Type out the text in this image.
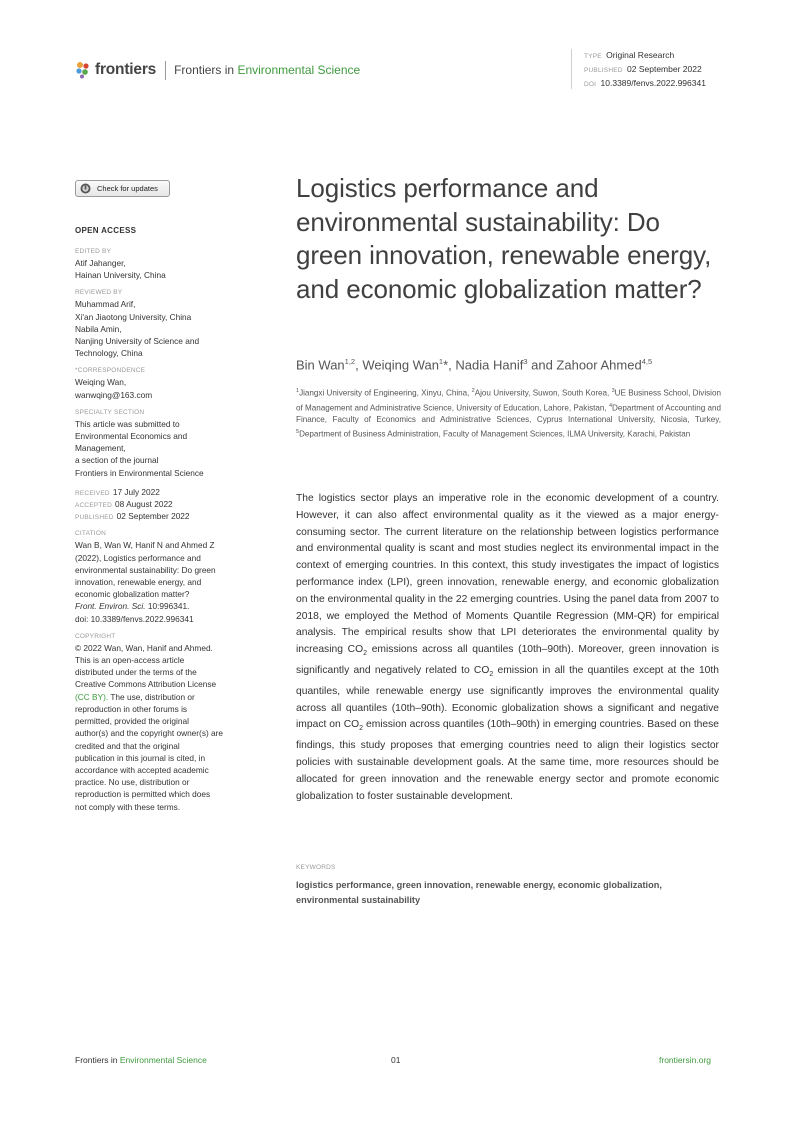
frontiers Frontiers in Environmental Science
TYPE Original Research
PUBLISHED 02 September 2022
DOI 10.3389/fenvs.2022.996341
Check for updates
OPEN ACCESS
EDITED BY
Atif Jahanger,
Hainan University, China
REVIEWED BY
Muhammad Arif,
Xi'an Jiaotong University, China
Nabila Amin,
Nanjing University of Science and
Technology, China
*CORRESPONDENCE
Weiqing Wan,
wanwqing@163.com
SPECIALTY SECTION
This article was submitted to
Environmental Economics and
Management,
a section of the journal
Frontiers in Environmental Science
RECEIVED 17 July 2022
ACCEPTED 08 August 2022
PUBLISHED 02 September 2022
CITATION
Wan B, Wan W, Hanif N and Ahmed Z
(2022), Logistics performance and
environmental sustainability: Do green
innovation, renewable energy, and
economic globalization matter?
Front. Environ. Sci. 10:996341.
doi: 10.3389/fenvs.2022.996341
COPYRIGHT
© 2022 Wan, Wan, Hanif and Ahmed.
This is an open-access article
distributed under the terms of the
Creative Commons Attribution License
(CC BY). The use, distribution or
reproduction in other forums is
permitted, provided the original
author(s) and the copyright owner(s) are
credited and that the original
publication in this journal is cited, in
accordance with accepted academic
practice. No use, distribution or
reproduction is permitted which does
not comply with these terms.
Logistics performance and environmental sustainability: Do green innovation, renewable energy, and economic globalization matter?
Bin Wan$^{1,2}$, Weiqing Wan$^1$*, Nadia Hanif$^3$ and Zahoor Ahmed$^{4,5}$
$^1$Jiangxi University of Engineering, Xinyu, China, $^2$Ajou University, Suwon, South Korea, $^3$UE Business School, Division of Management and Administrative Science, University of Education, Lahore, Pakistan, $^4$Department of Accounting and Finance, Faculty of Economics and Administrative Sciences, Cyprus International University, Nicosia, Turkey, $^5$Department of Business Administration, Faculty of Management Sciences, ILMA University, Karachi, Pakistan
The logistics sector plays an imperative role in the economic development of a country. However, it can also affect environmental quality as it the viewed as a major energy-consuming sector. The current literature on the relationship between logistics performance and environmental quality is scant and most studies neglect its environmental impact in the context of emerging countries. In this context, this study investigates the impact of logistics performance index (LPI), green innovation, renewable energy, and economic globalization on the environmental quality in the 22 emerging countries. Using the panel data from 2007 to 2018, we employed the Method of Moments Quantile Regression (MM-QR) for empirical analysis. The empirical results show that LPI deteriorates the environmental quality by increasing $CO_2$ emissions across all quantiles (10th–90th). Moreover, green innovation is significantly and negatively related to $CO_2$ emission in all the quantiles except at the 10th quantiles, while renewable energy use significantly improves the environmental quality across all quantiles (10th–90th). Economic globalization shows a significant and negative impact on $CO_2$ emission across quantiles (10th–90th) in emerging countries. Based on these findings, this study proposes that emerging countries need to align their logistics sector policies with sustainable development goals. At the same time, more resources should be allocated for green innovation and the renewable energy sector and promote economic globalization to foster sustainable development.
KEYWORDS
logistics performance, green innovation, renewable energy, economic globalization, environmental sustainability
Frontiers in Environmental Science	01	frontiersin.org
